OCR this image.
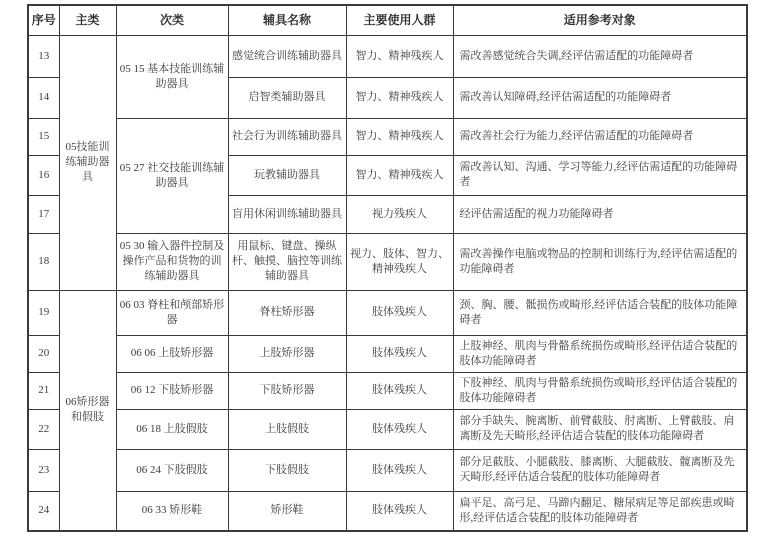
序号	主类	次类	辅具名称	主要使用人群	适用参考对象
13	05技能训练辅助器具	05 15 基本技能训练辅助器具	感觉统合训练辅助器具	智力、精神残疾人	需改善感觉统合失调,经评估需适配的功能障碍者
14			启智类辅助器具	智力、精神残疾人	需改善认知障碍,经评估需适配的功能障碍者
15		05 27 社交技能训练辅助器具	社会行为训练辅助器具	智力、精神残疾人	需改善社会行为能力,经评估需适配的功能障碍者
16			玩教辅助器具	智力、精神残疾人	需改善认知、沟通、学习等能力,经评估需适配的功能障碍者
17			盲用休闲训练辅助器具	视力残疾人	经评估需适配的视力功能障碍者
18		05 30 输入器件控制及操作产品和货物的训练辅助器具	用鼠标、键盘、操纵杆、触摸、脑控等训练辅助器具	视力、肢体、智力、精神残疾人	需改善操作电脑或物品的控制和训练行为,经评估需适配的功能障碍者
19	06矫形器和假肢	06 03 脊柱和颅部矫形器	脊柱矫形器	肢体残疾人	颈、胸、腰、骶损伤或畸形,经评估适合装配的肢体功能障碍者
20		06 06 上肢矫形器	上肢矫形器	肢体残疾人	上肢神经、肌肉与骨骼系统损伤或畸形,经评估适合装配的肢体功能障碍者
21		06 12 下肢矫形器	下肢矫形器	肢体残疾人	下肢神经、肌肉与骨骼系统损伤或畸形,经评估适合装配的肢体功能障碍者
22		06 18 上肢假肢	上肢假肢	肢体残疾人	部分手缺失、腕离断、前臂截肢、肘离断、上臂截肢、肩离断及先天畸形,经评估适合装配的肢体功能障碍者
23		06 24 下肢假肢	下肢假肢	肢体残疾人	部分足截肢、小腿截肢、膝离断、大腿截肢、髋离断及先天畸形,经评估适合装配的肢体功能障碍者
24		06 33 矫形鞋	矫形鞋	肢体残疾人	扁平足、高弓足、马蹄内翻足、糖尿病足等足部疾患或畸形,经评估适合装配的肢体功能障碍者
